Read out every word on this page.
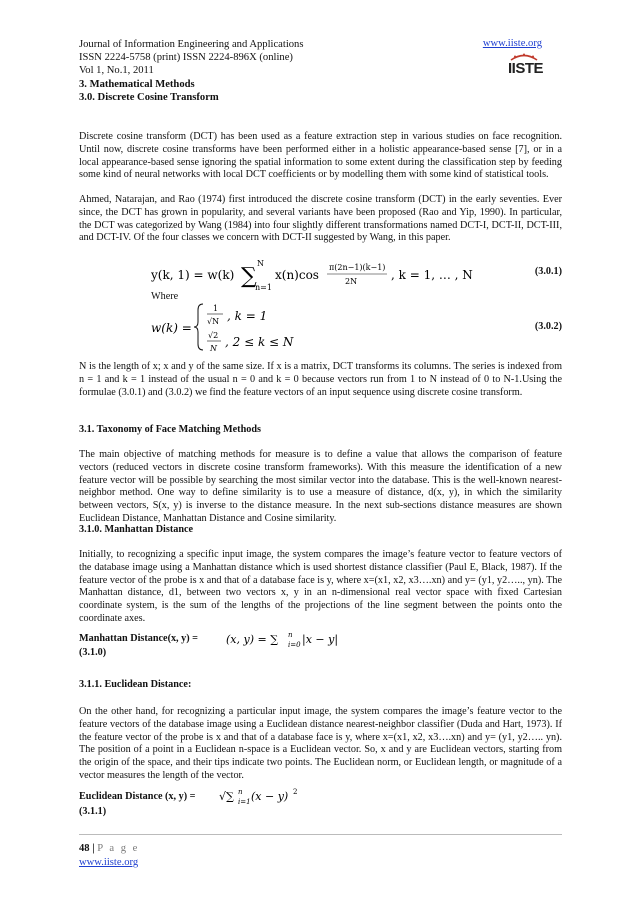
Journal of Information Engineering and Applications
ISSN 2224-5758 (print) ISSN 2224-896X (online)
Vol 1, No.1, 2011
3. Mathematical Methods
3.0. Discrete Cosine Transform
www.iiste.org
IISTE
Discrete cosine transform (DCT) has been used as a feature extraction step in various studies on face recognition. Until now, discrete cosine transforms have been performed either in a holistic appearance-based sense [7], or in a local appearance-based sense ignoring the spatial information to some extent during the classification step by feeding some kind of neural networks with local DCT coefficients or by modelling them with some kind of statistical tools.
Ahmed, Natarajan, and Rao (1974) first introduced the discrete cosine transform (DCT) in the early seventies. Ever since, the DCT has grown in popularity, and several variants have been proposed (Rao and Yip, 1990). In particular, the DCT was categorized by Wang (1984) into four slightly different transformations named DCT-I, DCT-II, DCT-III, and DCT-IV. Of the four classes we concern with DCT-II suggested by Wang, in this paper.
y(k, 1) = w(k) ∑
N
n=1
x(n)cos
π(2n−1)(k−1)
2N	, k = 1, … , N	(3.0.1)
Where
w(k) =
1
√N , k = 1
√2
N , 2 ≤ k ≤ N
(3.0.2)
N is the length of x; x and y of the same size. If x is a matrix, DCT transforms its columns. The series is indexed from n = 1 and k = 1 instead of the usual n = 0 and k = 0 because vectors run from 1 to N instead of 0 to N-1.Using the formulae (3.0.1) and (3.0.2) we find the feature vectors of an input sequence using discrete cosine transform.
3.1. Taxonomy of Face Matching Methods
The main objective of matching methods for measure is to define a value that allows the comparison of feature vectors (reduced vectors in discrete cosine transform frameworks). With this measure the identification of a new feature vector will be possible by searching the most similar vector into the database. This is the well-known nearest-neighbor method. One way to define similarity is to use a measure of distance, d(x, y), in which the similarity between vectors, S(x, y) is inverse to the distance measure. In the next sub-sections distance measures are shown Euclidean Distance, Manhattan Distance and Cosine similarity.
3.1.0. Manhattan Distance
Initially, to recognizing a specific input image, the system compares the image’s feature vector to feature vectors of the database image using a Manhattan distance which is used shortest distance classifier (Paul E, Black, 1987). If the feature vector of the probe is x and that of a database face is y, where x=(x1, x2, x3….xn) and y= (y1, y2….., yn). The Manhattan distance, d1, between two vectors x, y in an n-dimensional real vector space with fixed Cartesian coordinate system, is the sum of the lengths of the projections of the line segment between the points onto the coordinate axes.
Manhattan Distance(x, y) =	(x, y) = ∑ n
i=0 |x − y|
(3.1.0)
3.1.1. Euclidean Distance:
On the other hand, for recognizing a particular input image, the system compares the image’s feature vector to the feature vectors of the database image using a Euclidean distance nearest-neighbor classifier (Duda and Hart, 1973). If the feature vector of the probe is x and that of a database face is y, where x=(x1, x2, x3….xn) and y= (y1, y2….. yn). The position of a point in a Euclidean n-space is a Euclidean vector. So, x and y are Euclidean vectors, starting from the origin of the space, and their tips indicate two points. The Euclidean norm, or Euclidean length, or magnitude of a vector measures the length of the vector.
Euclidean Distance (x, y) = √∑ n
i=1 (x − y) 2
(3.1.1)
48 | P a g e
www.iiste.org
